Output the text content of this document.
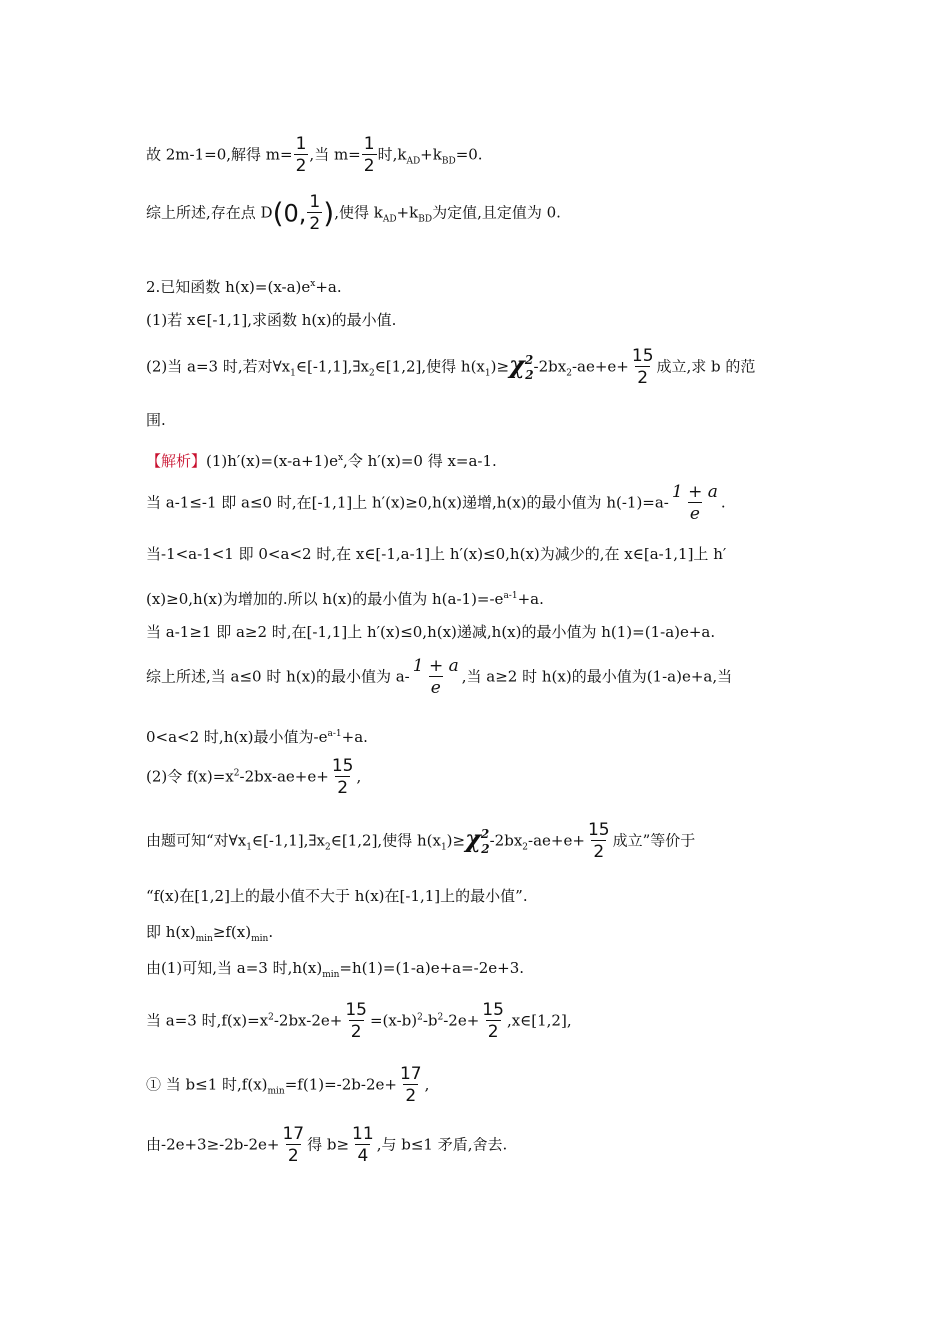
故 2m-1=0,解得 $m= \frac{1}{2}$ ,当 $m= \frac{1}{2}$ 时$,k_{AD}+k_{BD}=0$.
综上所述,存在点 D(0, $\frac{1}{2}$ ),使得 $k_{AD}+k_{BD}$为定值,且定值为 0.
2.已知函数 $h(x)=(x-a)e^x+a$.
(1)若 x∈[-1,1],求函数 h(x)的最小值.
(2)当 a=3 时,若对$\forall x_1\in[-1,1],\exists x_2\in[1,2]$,使得 $h(x_1)\ge\chi^2_2-2bx_2-ae+e+ \frac{15}{2}$ 成立,求 b 的范
围.
【解析】$(1)h'(x)=(x-a+1)e^x$,令 h′(x)=0 得 x=a-1.
当 a-1≤-1 即 a≤0 时,在[-1,1]上 h′(x)≥0,h(x)递增,h(x)的最小值为 $h(-1)=a- \frac{1 + a}{e}$ .
当-1<a-1<1 即 0<a<2 时,在 x∈[-1,a-1]上 h′(x)≤0,h(x)为减少的,在 x∈[a-1,1]上 h′
(x)≥0,h(x)为增加的.所以 h(x)的最小值为 $h(a-1)=-e^{a-1}+a$.
当 a-1≥1 即 a≥2 时,在[-1,1]上 h′(x)≤0,h(x)递减,h(x)的最小值为 h(1)=(1-a)e+a.
综上所述,当 a≤0 时 h(x)的最小值为 $a- \frac{1 + a}{e}$ ,当 a≥2 时 h(x)的最小值为(1-a)e+a,当
0<a<2 时,h(x)最小值为$-e^{a-1}+a$.
(2)令 $f(x)=x^2-2bx-ae+e+ \frac{15}{2}$ ,
由题可知“对$\forall x_1\in[-1,1],\exists x_2\in[1,2]$,使得 $h(x_1)\ge\chi^2_2-2bx_2-ae+e+ \frac{15}{2}$ 成立”等价于
“f(x)在[1,2]上的最小值不大于 h(x)在[-1,1]上的最小值”.
即 $h(x)_{min}\ge f(x)_{min}$.
由(1)可知,当 a=3 时$,h(x)_{min}=h(1)=(1-a)e+a=-2e+3$.
当 a=3 时$,f(x)=x^2-2bx-2e+ \frac{15}{2} =(x-b)^2-b^2-2e+ \frac{15}{2}$ ,x∈[1,2],
① 当 b≤1 时$,f(x)_{min}=f(1)=-2b-2e+ \frac{17}{2}$ ,
由$-2e+3\ge-2b-2e+ \frac{17}{2}$ 得 $b\ge \frac{11}{4}$ ,与 b≤1 矛盾,舍去.
